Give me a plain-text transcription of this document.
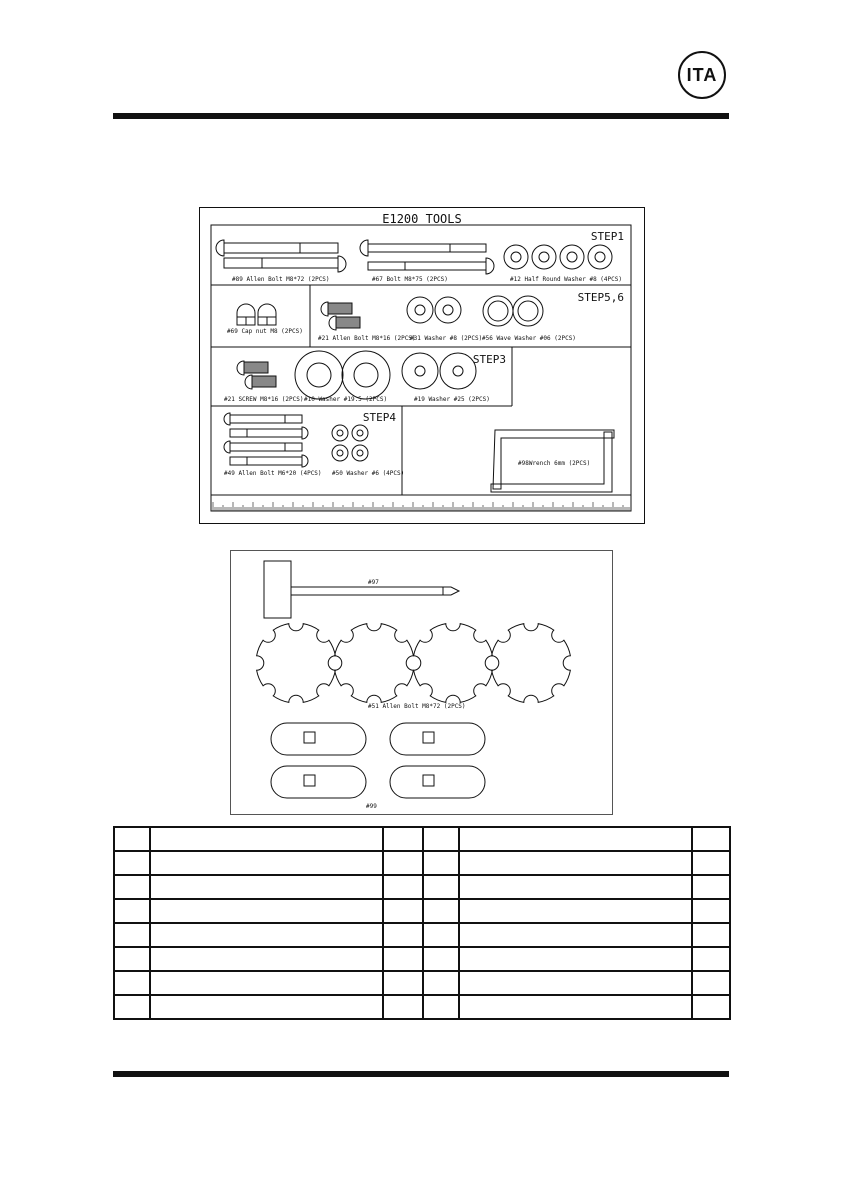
ITA
E1200 TOOLS
STEP1
#89 Allen Bolt M8*72 (2PCS)	#67 Bolt M8*75 (2PCS)	#12 Half Round Washer #8 (4PCS)
#69 Cap nut M8 (2PCS)
STEP5,6
#21 Allen Bolt M8*16 (2PCS)
#31 Washer #8 (2PCS) #56 Wave Washer #06 (2PCS)
STEP3
#21 SCREW M8*16 (2PCS) #10 Washer #19.5 (2PCS)	#19 Washer #25 (2PCS)
STEP4
#49 Allen Bolt M6*20 (4PCS) #50 Washer #6 (4PCS)
#98Wrench 6mm (2PCS)
#97
#51 Allen Bolt M8*72 (2PCS)
#99
